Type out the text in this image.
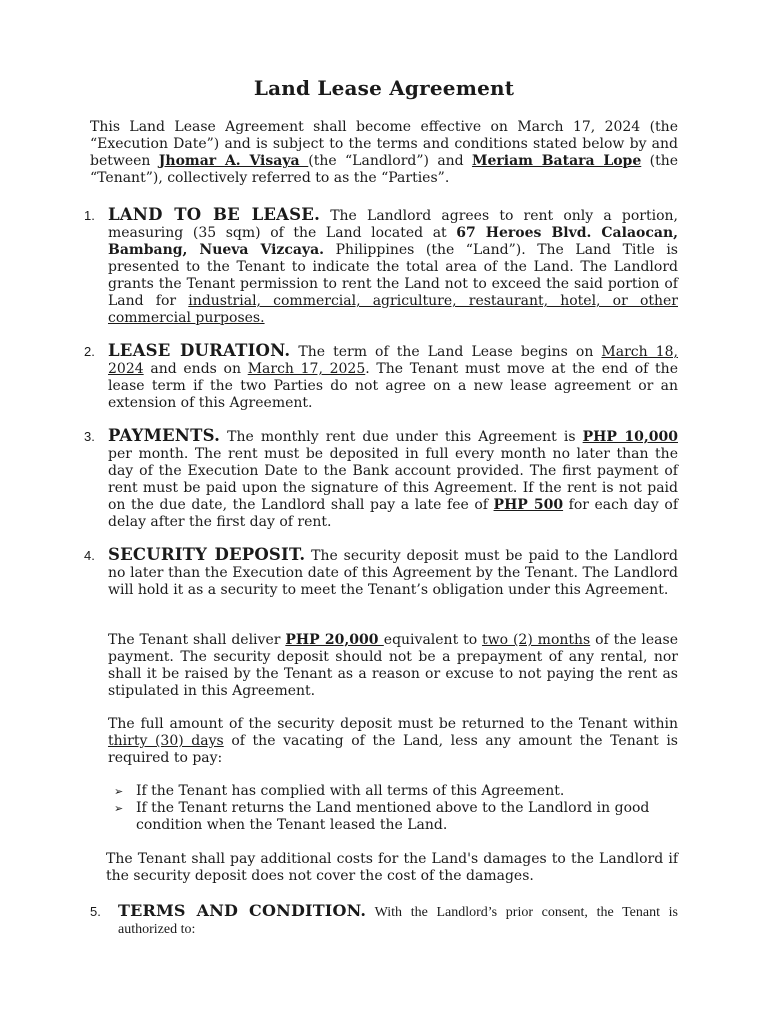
Land Lease Agreement
This Land Lease Agreement shall become effective on March 17, 2024 (the “Execution Date”) and is subject to the terms and conditions stated below by and between Jhomar A. Visaya (the “Landlord”) and Meriam Batara Lope (the “Tenant”), collectively referred to as the “Parties”.
1. LAND TO BE LEASE. The Landlord agrees to rent only a portion, measuring (35 sqm) of the Land located at 67 Heroes Blvd. Calaocan, Bambang, Nueva Vizcaya. Philippines (the “Land”). The Land Title is presented to the Tenant to indicate the total area of the Land. The Landlord grants the Tenant permission to rent the Land not to exceed the said portion of Land for industrial, commercial, agriculture, restaurant, hotel, or other commercial purposes.
2. LEASE DURATION. The term of the Land Lease begins on March 18, 2024 and ends on March 17, 2025. The Tenant must move at the end of the lease term if the two Parties do not agree on a new lease agreement or an extension of this Agreement.
3. PAYMENTS. The monthly rent due under this Agreement is PHP 10,000 per month. The rent must be deposited in full every month no later than the day of the Execution Date to the Bank account provided. The first payment of rent must be paid upon the signature of this Agreement. If the rent is not paid on the due date, the Landlord shall pay a late fee of PHP 500 for each day of delay after the first day of rent.
4. SECURITY DEPOSIT. The security deposit must be paid to the Landlord no later than the Execution date of this Agreement by the Tenant. The Landlord will hold it as a security to meet the Tenant’s obligation under this Agreement.
The Tenant shall deliver PHP 20,000 equivalent to two (2) months of the lease payment. The security deposit should not be a prepayment of any rental, nor shall it be raised by the Tenant as a reason or excuse to not paying the rent as stipulated in this Agreement.
The full amount of the security deposit must be returned to the Tenant within thirty (30) days of the vacating of the Land, less any amount the Tenant is required to pay:
➢ If the Tenant has complied with all terms of this Agreement.
➢ If the Tenant returns the Land mentioned above to the Landlord in good condition when the Tenant leased the Land.
The Tenant shall pay additional costs for the Land's damages to the Landlord if the security deposit does not cover the cost of the damages.
5.	TERMS AND CONDITION. With the Landlord’s prior consent, the Tenant is authorized to:
